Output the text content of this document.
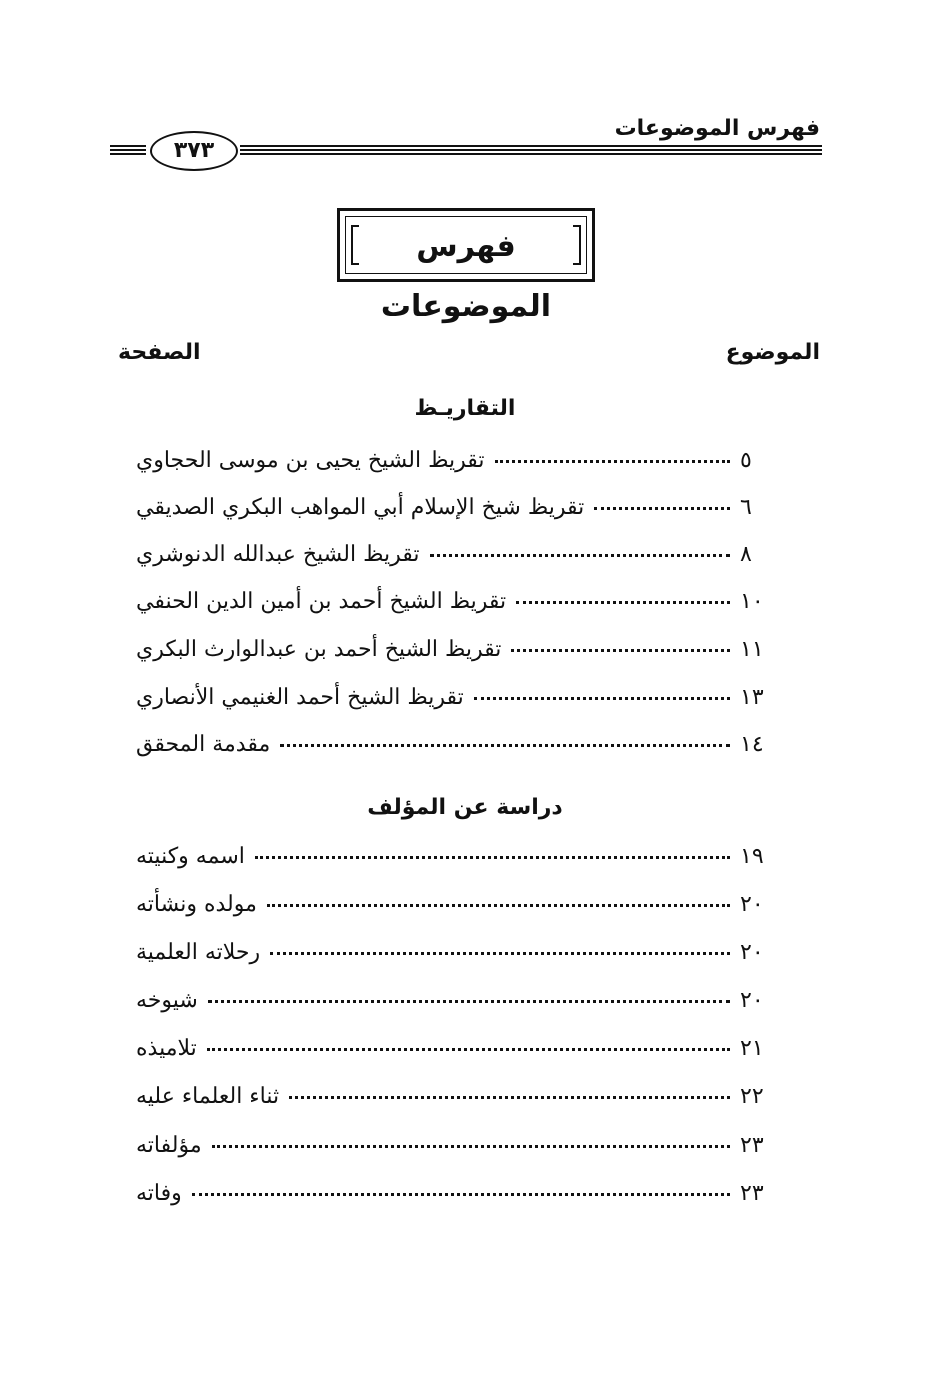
فهرس الموضوعات
٣٧٣
فهرس الموضوعات
الموضوع
الصفحة
التقاريـظ
تقريظ الشيخ يحيى بن موسى الحجاوي	٥
تقريظ شيخ الإسلام أبي المواهب البكري الصديقي	٦
تقريظ الشيخ عبدالله الدنوشري	٨
تقريظ الشيخ أحمد بن أمين الدين الحنفي	١٠
تقريظ الشيخ أحمد بن عبدالوارث البكري	١١
تقريظ الشيخ أحمد الغنيمي الأنصاري	١٣
مقدمة المحقق	١٤
دراسة عن المؤلف
اسمه وكنيته	١٩
مولده ونشأته	٢٠
رحلاته العلمية	٢٠
شيوخه	٢٠
تلاميذه	٢١
ثناء العلماء عليه	٢٢
مؤلفاته	٢٣
وفاته	٢٣
